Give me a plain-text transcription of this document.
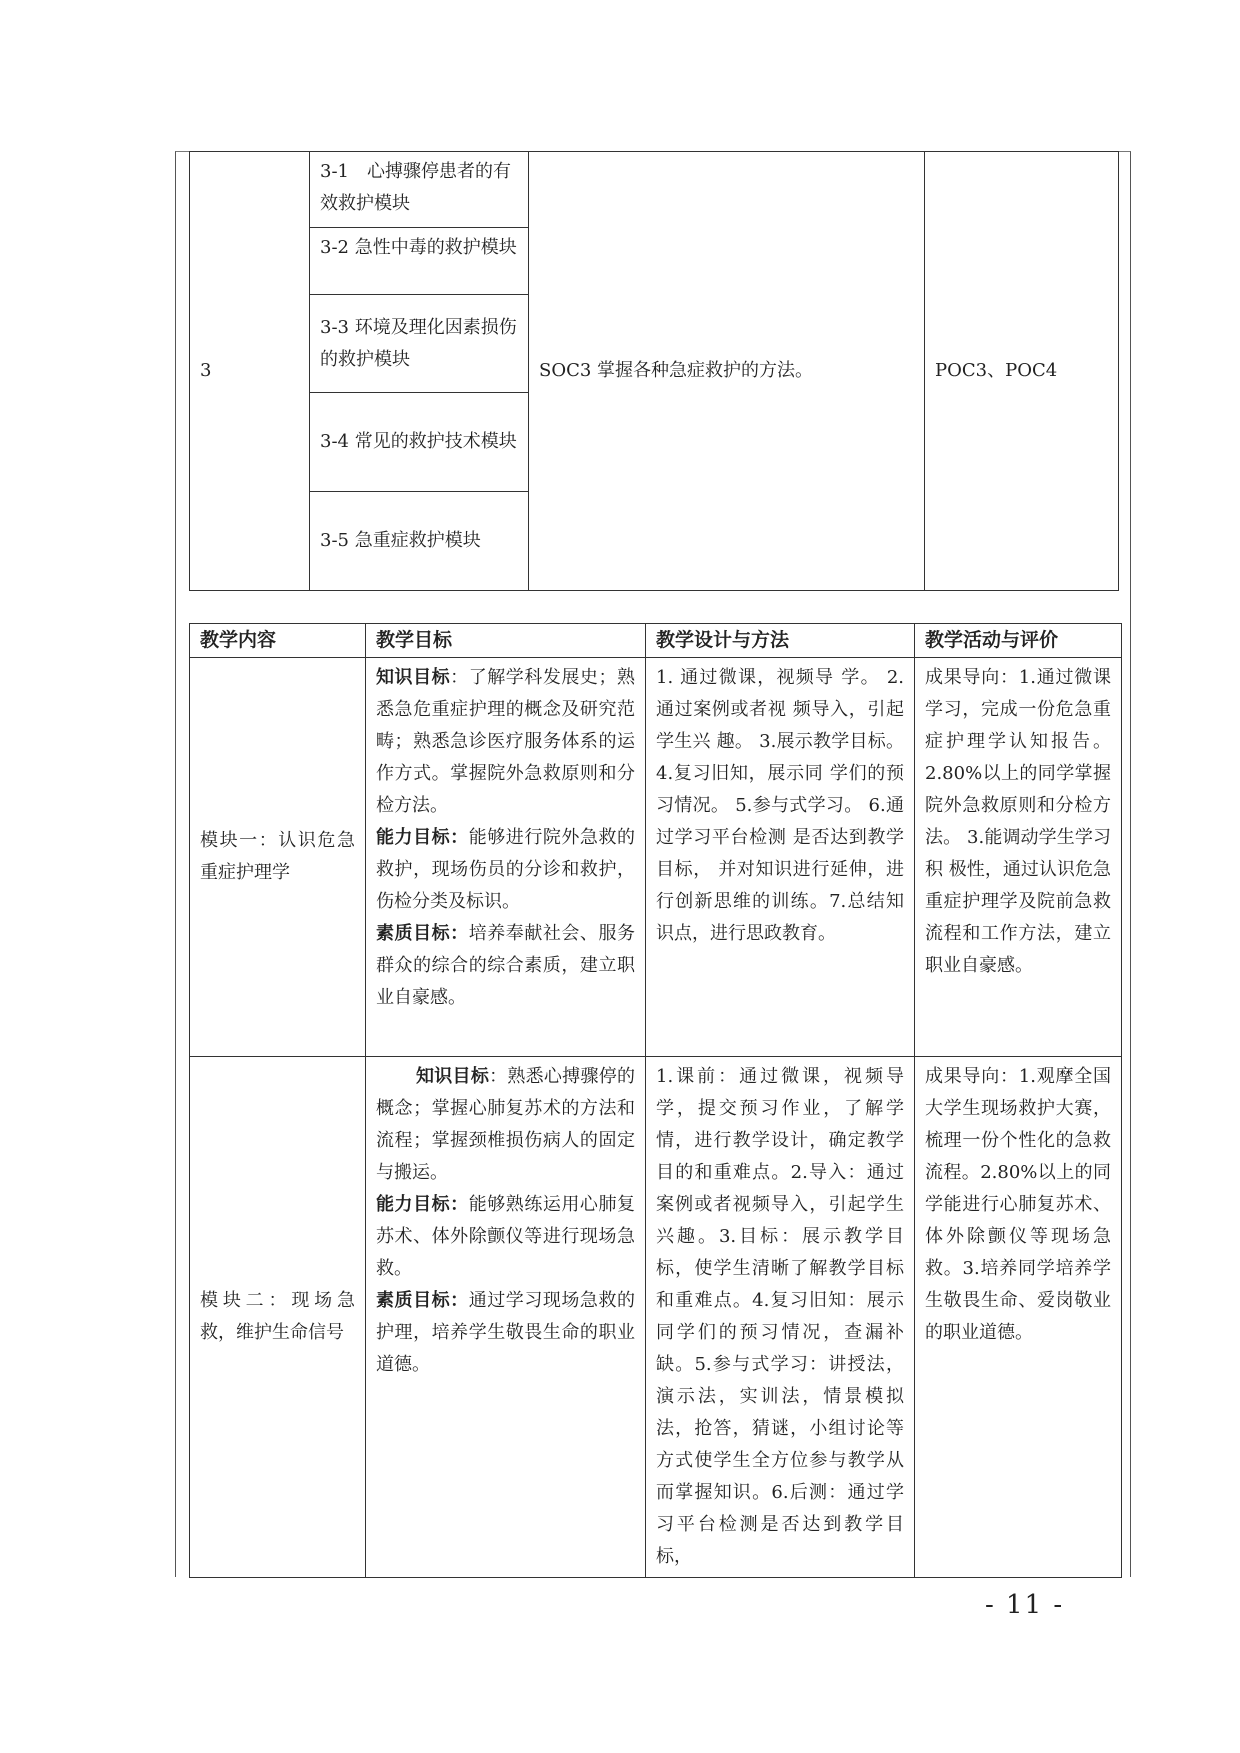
3	3-1　心搏骤停患者的有效救护模块	SOC3 掌握各种急症救护的方法。	POC3、POC4
3-2 急性中毒的救护模块
3-3 环境及理化因素损伤的救护模块
3-4 常见的救护技术模块
3-5 急重症救护模块
教学内容	教学目标	教学设计与方法	教学活动与评价
模块一：认识危急重症护理学	知识目标：了解学科发展史；熟悉急危重症护理的概念及研究范畴；熟悉急诊医疗服务体系的运作方式。掌握院外急救原则和分检方法。
能力目标：能够进行院外急救的救护，现场伤员的分诊和救护，伤检分类及标识。
素质目标：培养奉献社会、服务群众的综合的综合素质，建立职业自豪感。	1. 通过微课，视频导 学。 2. 通过案例或者视 频导入，引起学生兴 趣。 3.展示教学目标。 4.复习旧知，展示同 学们的预习情况。 5.参与式学习。 6.通过学习平台检测 是否达到教学目标， 并对知识进行延伸，进行创新思维的训练。7.总结知识点，进行思政教育。	成果导向：1.通过微课学习，完成一份危急重症护理学认知报告。 2.80%以上的同学掌握院外急救原则和分检方法。 3.能调动学生学习积 极性，通过认识危急重症护理学及院前急救流程和工作方法，建立职业自豪感。
模块二：现场急救，维护生命信号	知识目标：熟悉心搏骤停的概念；掌握心肺复苏术的方法和流程；掌握颈椎损伤病人的固定与搬运。
能力目标：能够熟练运用心肺复苏术、体外除颤仪等进行现场急救。
素质目标：通过学习现场急救的护理，培养学生敬畏生命的职业道德。	1.课前：通过微课，视频导学，提交预习作业，了解学情，进行教学设计，确定教学目的和重难点。2.导入：通过案例或者视频导入，引起学生兴趣。3.目标：展示教学目标，使学生清晰了解教学目标和重难点。4.复习旧知：展示同学们的预习情况，查漏补缺。5.参与式学习：讲授法，演示法，实训法，情景模拟法，抢答，猜谜，小组讨论等方式使学生全方位参与教学从而掌握知识。6.后测：通过学习平台检测是否达到教学目标，	成果导向：1.观摩全国大学生现场救护大赛，梳理一份个性化的急救流程。2.80%以上的同学能进行心肺复苏术、体外除颤仪等现场急救。3.培养同学培养学生敬畏生命、爱岗敬业的职业道德。
- 11 -
